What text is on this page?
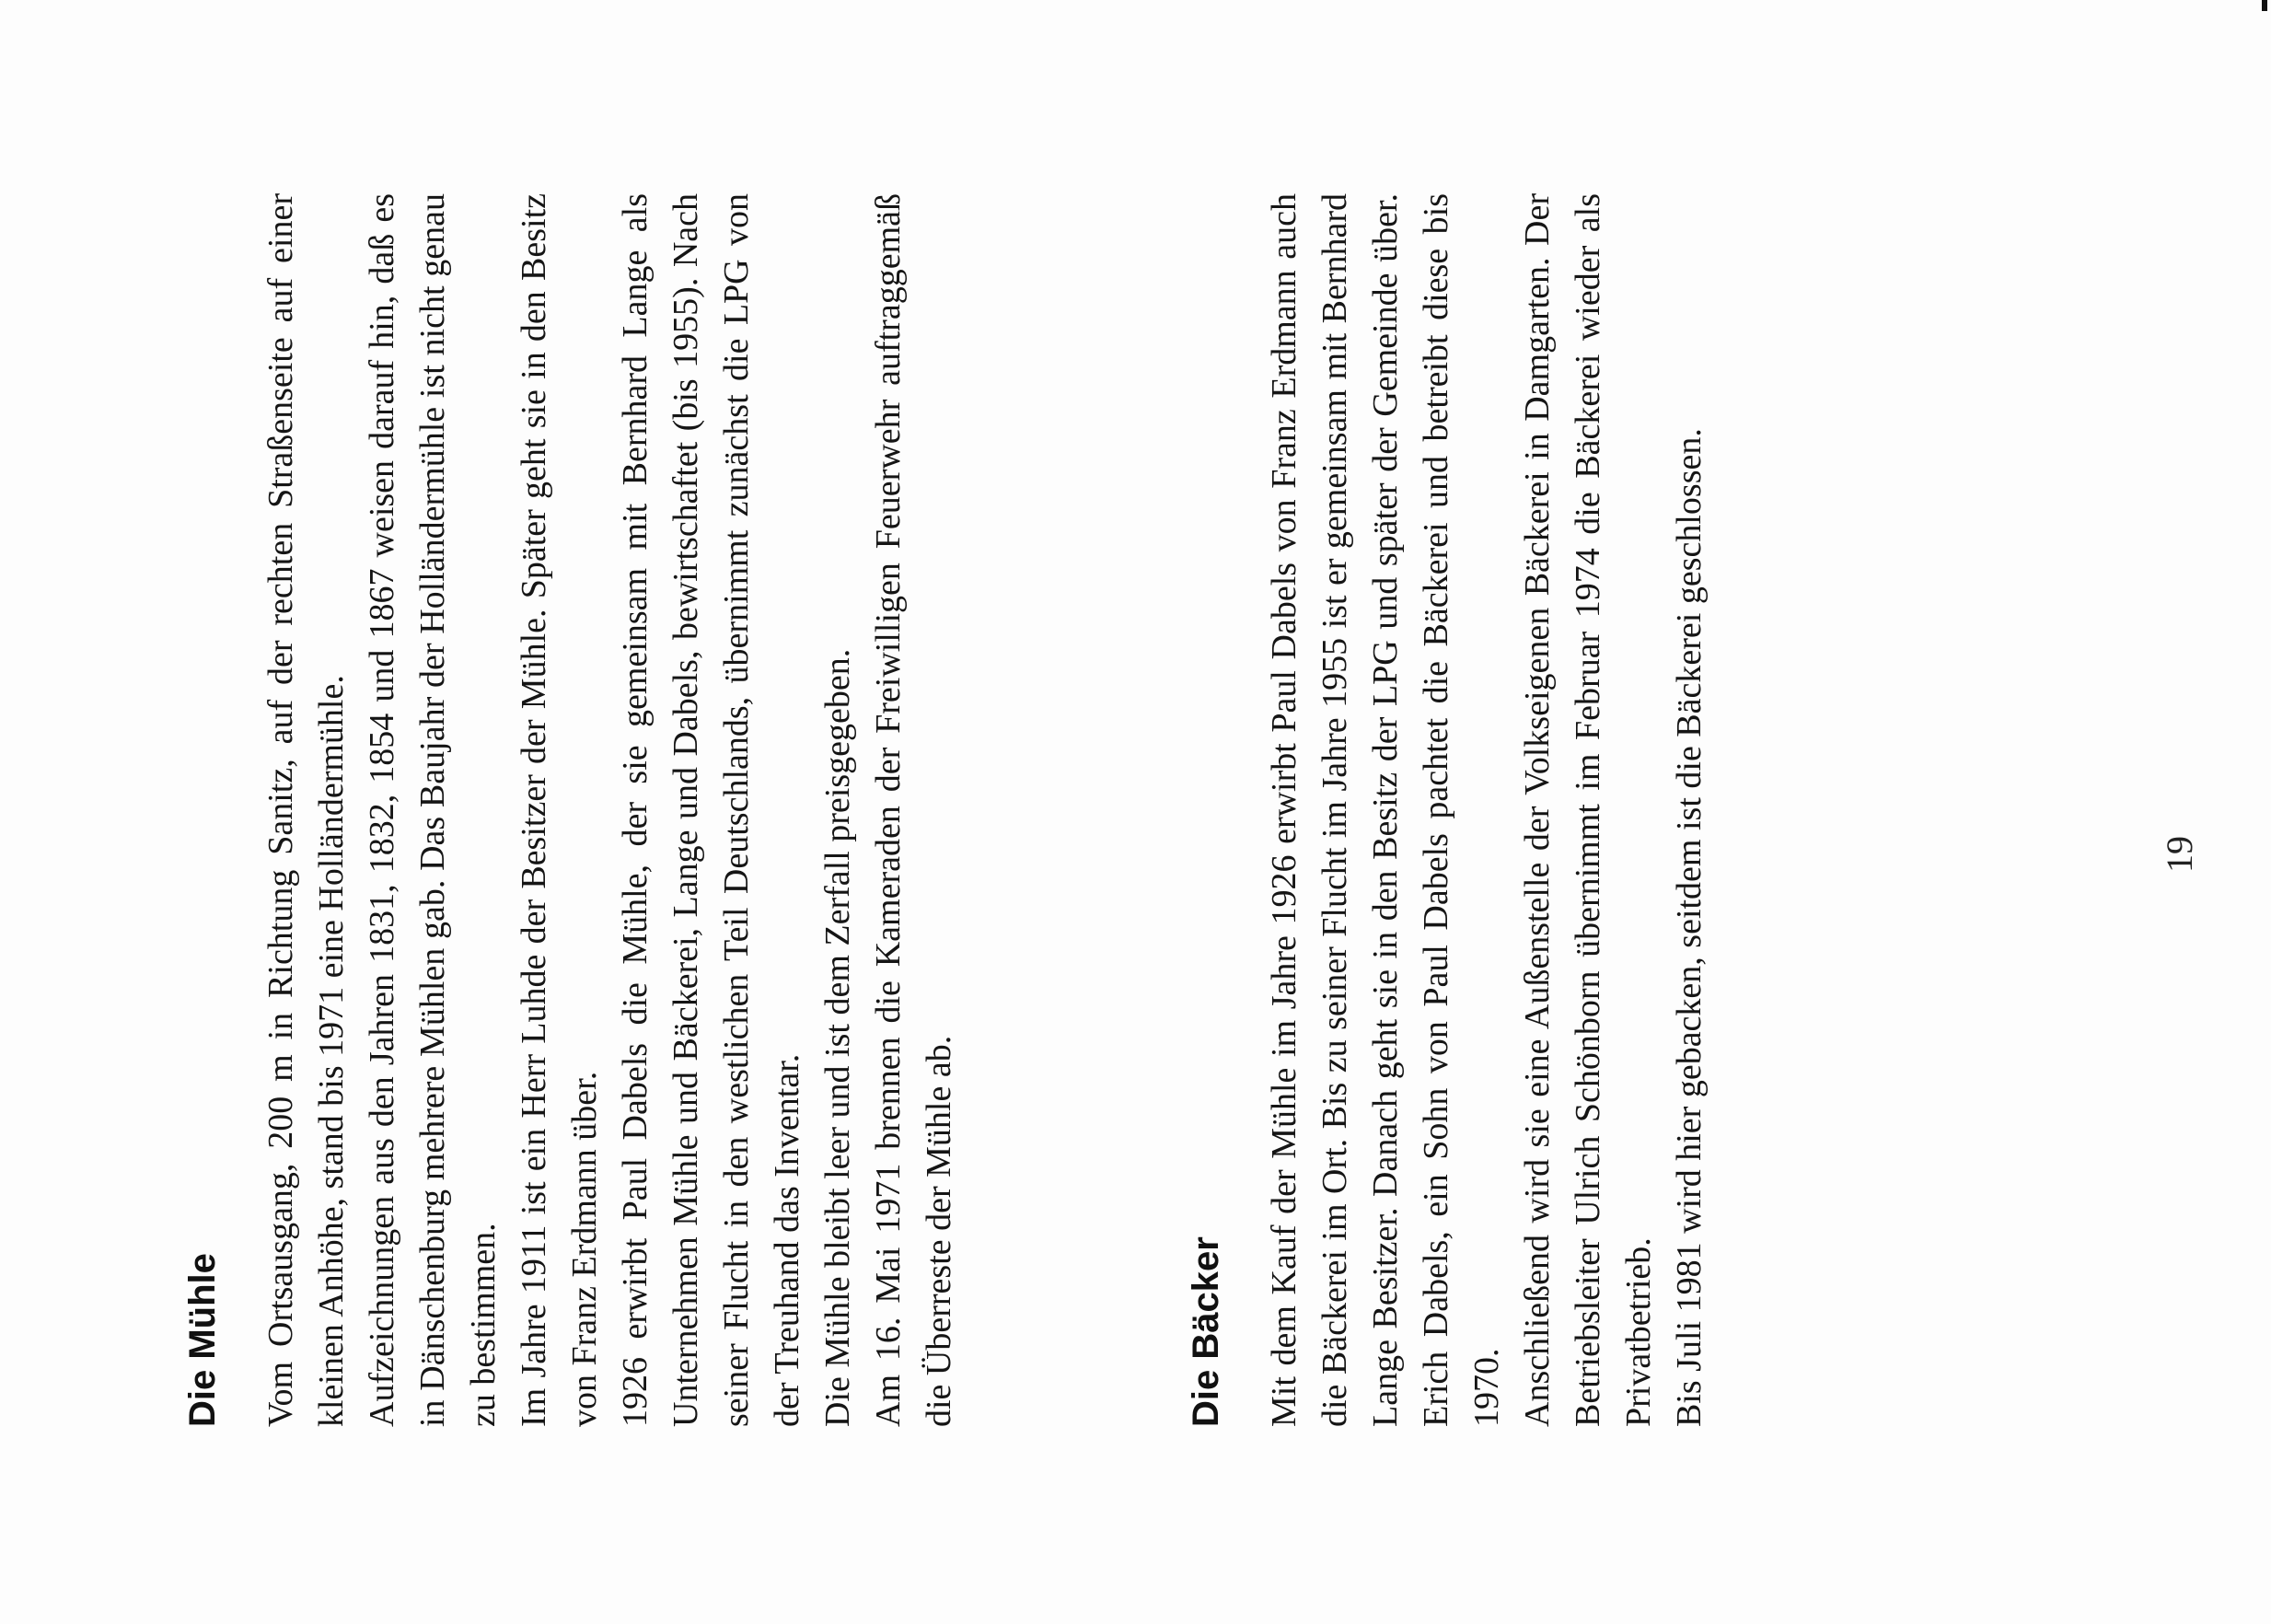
Die Mühle Vom Ortsausgang, 200 m in Richtung Sanitz, auf der rechten Straßenseite auf einer kleinen Anhöhe, stand bis 1971 eine Holländermühle. Aufzeichnungen aus den Jahren 1831, 1832, 1854 und 1867 weisen darauf hin, daß es in Dänschenburg mehrere Mühlen gab. Das Baujahr der Holländermühle ist nicht genau zu bestimmen. Im Jahre 1911 ist ein Herr Luhde der Besitzer der Mühle. Später geht sie in den Besitz von Franz Erdmann über. 1926 erwirbt Paul Dabels die Mühle, der sie gemeinsam mit Bernhard Lange als Unternehmen Mühle und Bäckerei, Lange und Dabels, bewirtschaftet (bis 1955). Nach seiner Flucht in den westlichen Teil Deutschlands, übernimmt zunächst die LPG von der Treuhand das Inventar. Die Mühle bleibt leer und ist dem Zerfall preisgegeben. Am 16. Mai 1971 brennen die Kameraden der Freiwilligen Feuerwehr auftraggemäß die Überreste der Mühle ab.	Die Bäcker Mit dem Kauf der Mühle im Jahre 1926 erwirbt Paul Dabels von Franz Erdmann auch die Bäckerei im Ort. Bis zu seiner Flucht im Jahre 1955 ist er gemeinsam mit Bernhard Lange Besitzer. Danach geht sie in den Besitz der LPG und später der Gemeinde über. Erich Dabels, ein Sohn von Paul Dabels pachtet die Bäckerei und betreibt diese bis 1970. Anschließend wird sie eine Außenstelle der Volkseigenen Bäckerei in Damgarten. Der Betriebsleiter Ulrich Schönborn übernimmt im Februar 1974 die Bäckerei wieder als Privatbetrieb. Bis Juli 1981 wird hier gebacken, seitdem ist die Bäckerei geschlossen.	19
